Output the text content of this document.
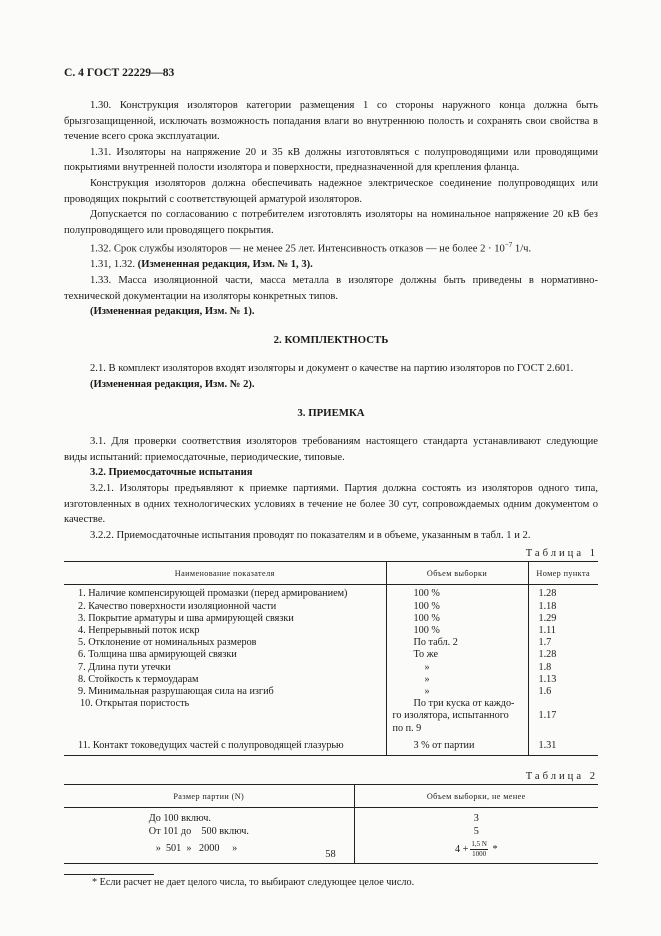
С. 4 ГОСТ 22229—83

1.30. Конструкция изоляторов категории размещения 1 со стороны наружного конца должна быть брызгозащищенной, исключать возможность попадания влаги во внутреннюю полость и сохранять свои свойства в течение всего срока эксплуатации.

1.31. Изоляторы на напряжение 20 и 35 кВ должны изготовляться с полупроводящими или проводящими покрытиями внутренней полости изолятора и поверхности, предназначенной для крепления фланца.

Конструкция изоляторов должна обеспечивать надежное электрическое соединение полупроводящих или проводящих покрытий с соответствующей арматурой изоляторов.

Допускается по согласованию с потребителем изготовлять изоляторы на номинальное напряжение 20 кВ без полупроводящего или проводящего покрытия.

1.32. Срок службы изоляторов — не менее 25 лет. Интенсивность отказов — не более $2 \cdot 10^{-7}$ 1/ч.

1.31, 1.32. (Измененная редакция, Изм. № 1, 3).

1.33. Масса изоляционной части, масса металла в изоляторе должны быть приведены в нормативно-технической документации на изоляторы конкретных типов.

(Измененная редакция, Изм. № 1).

2. КОМПЛЕКТНОСТЬ

2.1. В комплект изоляторов входят изоляторы и документ о качестве на партию изоляторов по ГОСТ 2.601.

(Измененная редакция, Изм. № 2).

3. ПРИЕМКА

3.1. Для проверки соответствия изоляторов требованиям настоящего стандарта устанавливают следующие виды испытаний: приемосдаточные, периодические, типовые.

3.2. Приемосдаточные испытания

3.2.1. Изоляторы предъявляют к приемке партиями. Партия должна состоять из изоляторов одного типа, изготовленных в одних технологических условиях в течение не более 30 сут, сопровождаемых одним документом о качестве.

3.2.2. Приемосдаточные испытания проводят по показателям и в объеме, указанным в табл. 1 и 2.

Таблица 1
Наименование показателя	Объем выборки	Номер пункта
1. Наличие компенсирующей промазки (перед армированием)	100 %	1.28
2. Качество поверхности изоляционной части	100 %	1.18
3. Покрытие арматуры и шва армирующей связки	100 %	1.29
4. Непрерывный поток искр	100 %	1.11
5. Отклонение от номинальных размеров	По табл. 2	1.7
6. Толщина шва армирующей связки	То же	1.28
7. Длина пути утечки	»	1.8
8. Стойкость к термоударам	»	1.13
9. Минимальная разрушающая сила на изгиб	»	1.6
10. Открытая пористость	По три куска от каждо-
го изолятора, испытанного
по п. 9	1.17
11. Контакт токоведущих частей с полупроводящей глазурью	3 % от партии	1.31
Таблица 2
Размер партии (N)	Объем выборки, не менее
До 100 включ.	3
От 101 до    500 включ.	5
»  501  »   2000     »	$4 + \frac{1,5 N}{1000}$ *
* Если расчет не дает целого числа, то выбирают следующее целое число.
58
